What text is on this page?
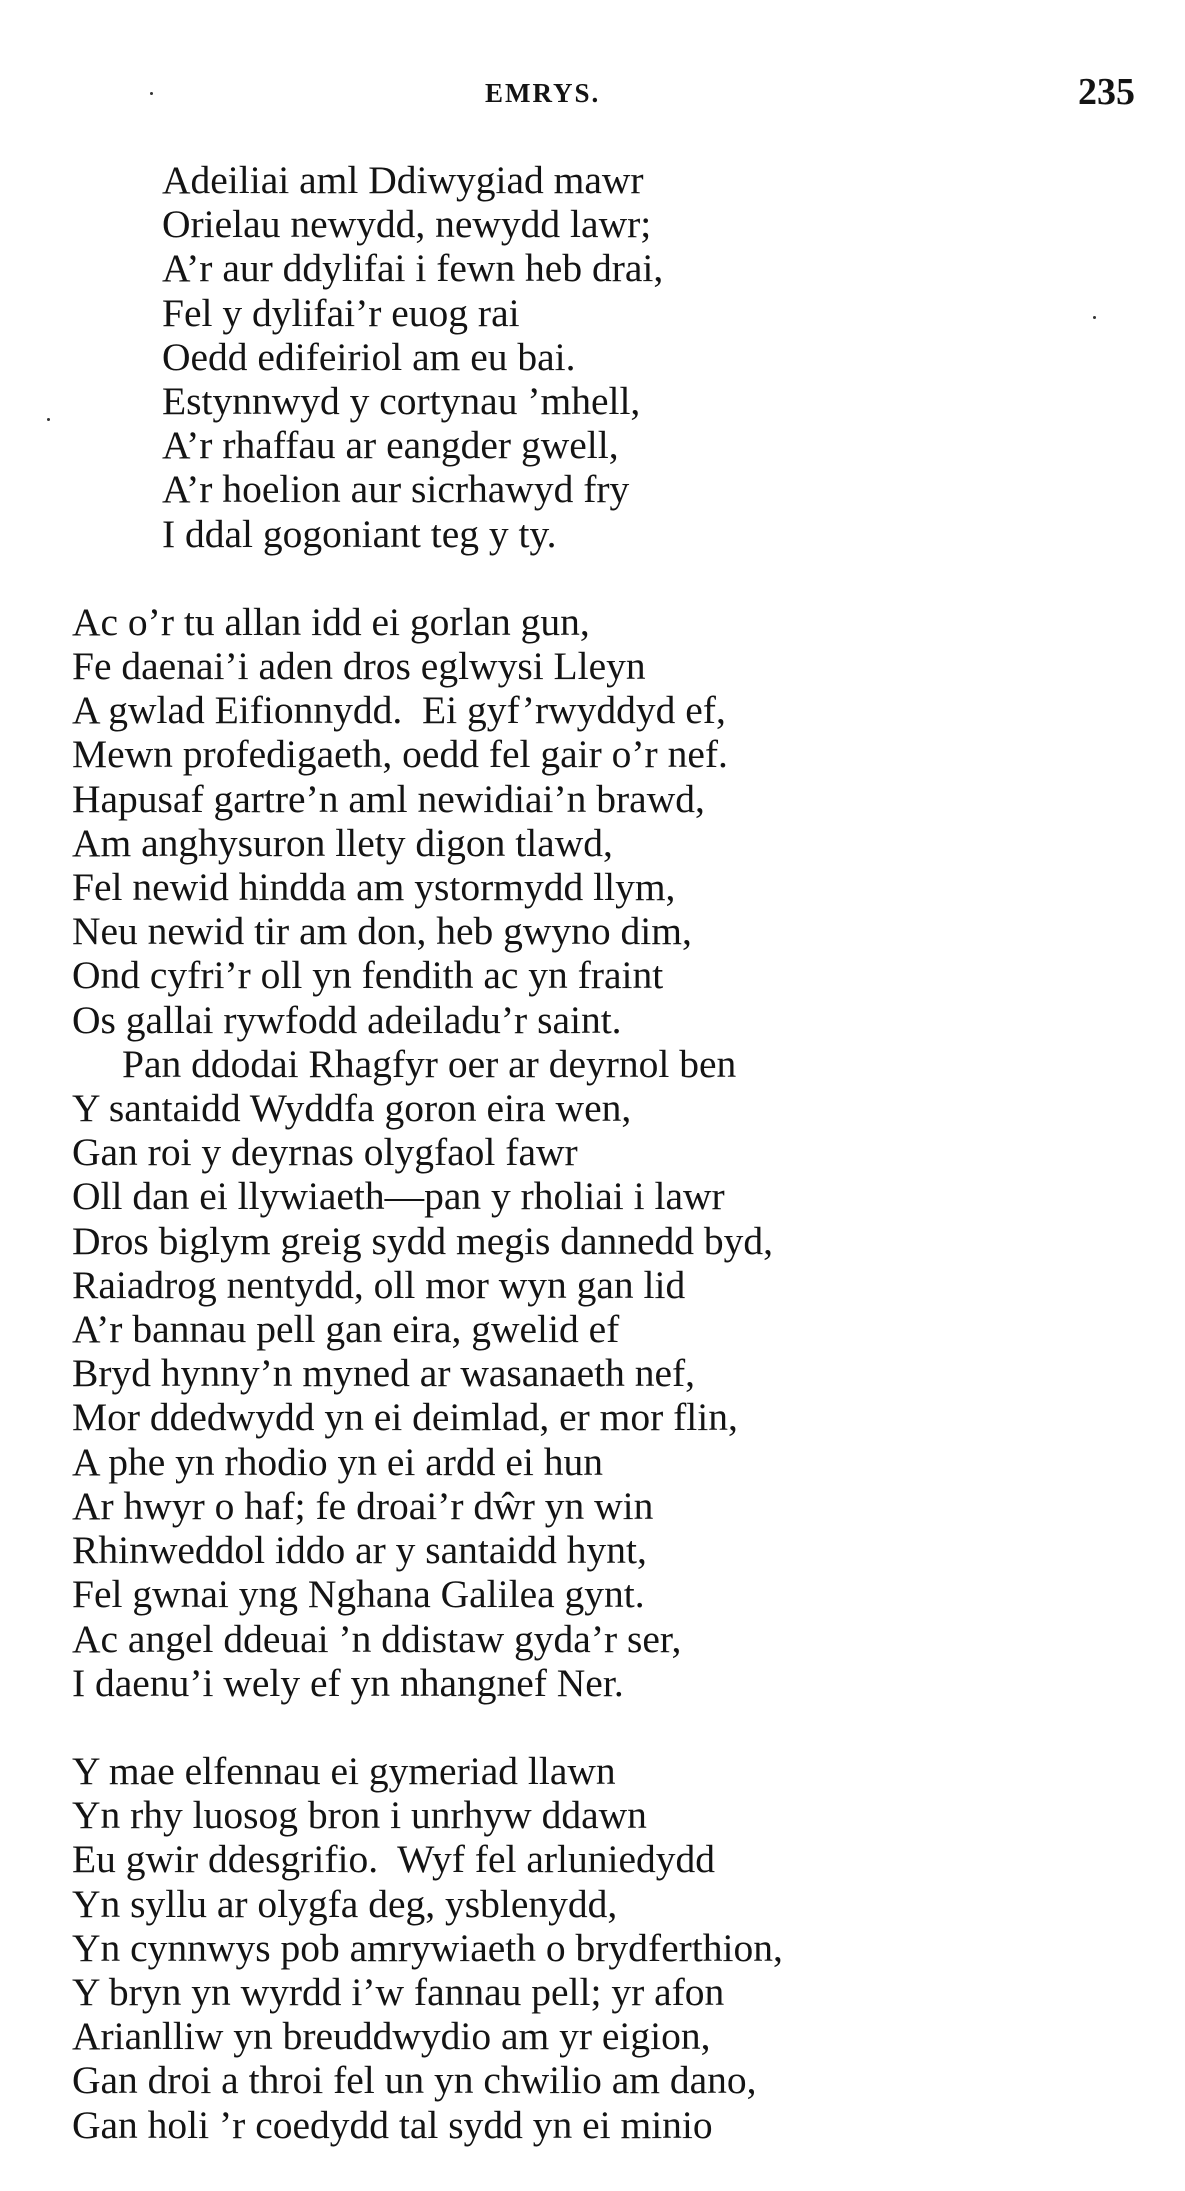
EMRYS.	235
Adeiliai aml Ddiwygiad mawr
Orielau newydd, newydd lawr;
A’r aur ddylifai i fewn heb drai,
Fel y dylifai’r euog rai
Oedd edifeiriol am eu bai.
Estynnwyd y cortynau ’mhell,
A’r rhaffau ar eangder gwell,
A’r hoelion aur sicrhawyd fry
I ddal gogoniant teg y ty.
Ac o’r tu allan idd ei gorlan gun,
Fe daenai’i aden dros eglwysi Lleyn
A gwlad Eifionnydd.  Ei gyf’rwyddyd ef,
Mewn profedigaeth, oedd fel gair o’r nef.
Hapusaf gartre’n aml newidiai’n brawd,
Am anghysuron llety digon tlawd,
Fel newid hindda am ystormydd llym,
Neu newid tir am don, heb gwyno dim,
Ond cyfri’r oll yn fendith ac yn fraint
Os gallai rywfodd adeiladu’r saint.
Pan ddodai Rhagfyr oer ar deyrnol ben
Y santaidd Wyddfa goron eira wen,
Gan roi y deyrnas olygfaol fawr
Oll dan ei llywiaeth—pan y rholiai i lawr
Dros biglym greig sydd megis dannedd byd,
Raiadrog nentydd, oll mor wyn gan lid
A’r bannau pell gan eira, gwelid ef
Bryd hynny’n myned ar wasanaeth nef,
Mor ddedwydd yn ei deimlad, er mor flin,
A phe yn rhodio yn ei ardd ei hun
Ar hwyr o haf; fe droai’r dŵr yn win
Rhinweddol iddo ar y santaidd hynt,
Fel gwnai yng Nghana Galilea gynt.
Ac angel ddeuai ’n ddistaw gyda’r ser,
I daenu’i wely ef yn nhangnef Ner.
Y mae elfennau ei gymeriad llawn
Yn rhy luosog bron i unrhyw ddawn
Eu gwir ddesgrifio.  Wyf fel arluniedydd
Yn syllu ar olygfa deg, ysblenydd,
Yn cynnwys pob amrywiaeth o brydferthion,
Y bryn yn wyrdd i’w fannau pell; yr afon
Arianlliw yn breuddwydio am yr eigion,
Gan droi a throi fel un yn chwilio am dano,
Gan holi ’r coedydd tal sydd yn ei minio
